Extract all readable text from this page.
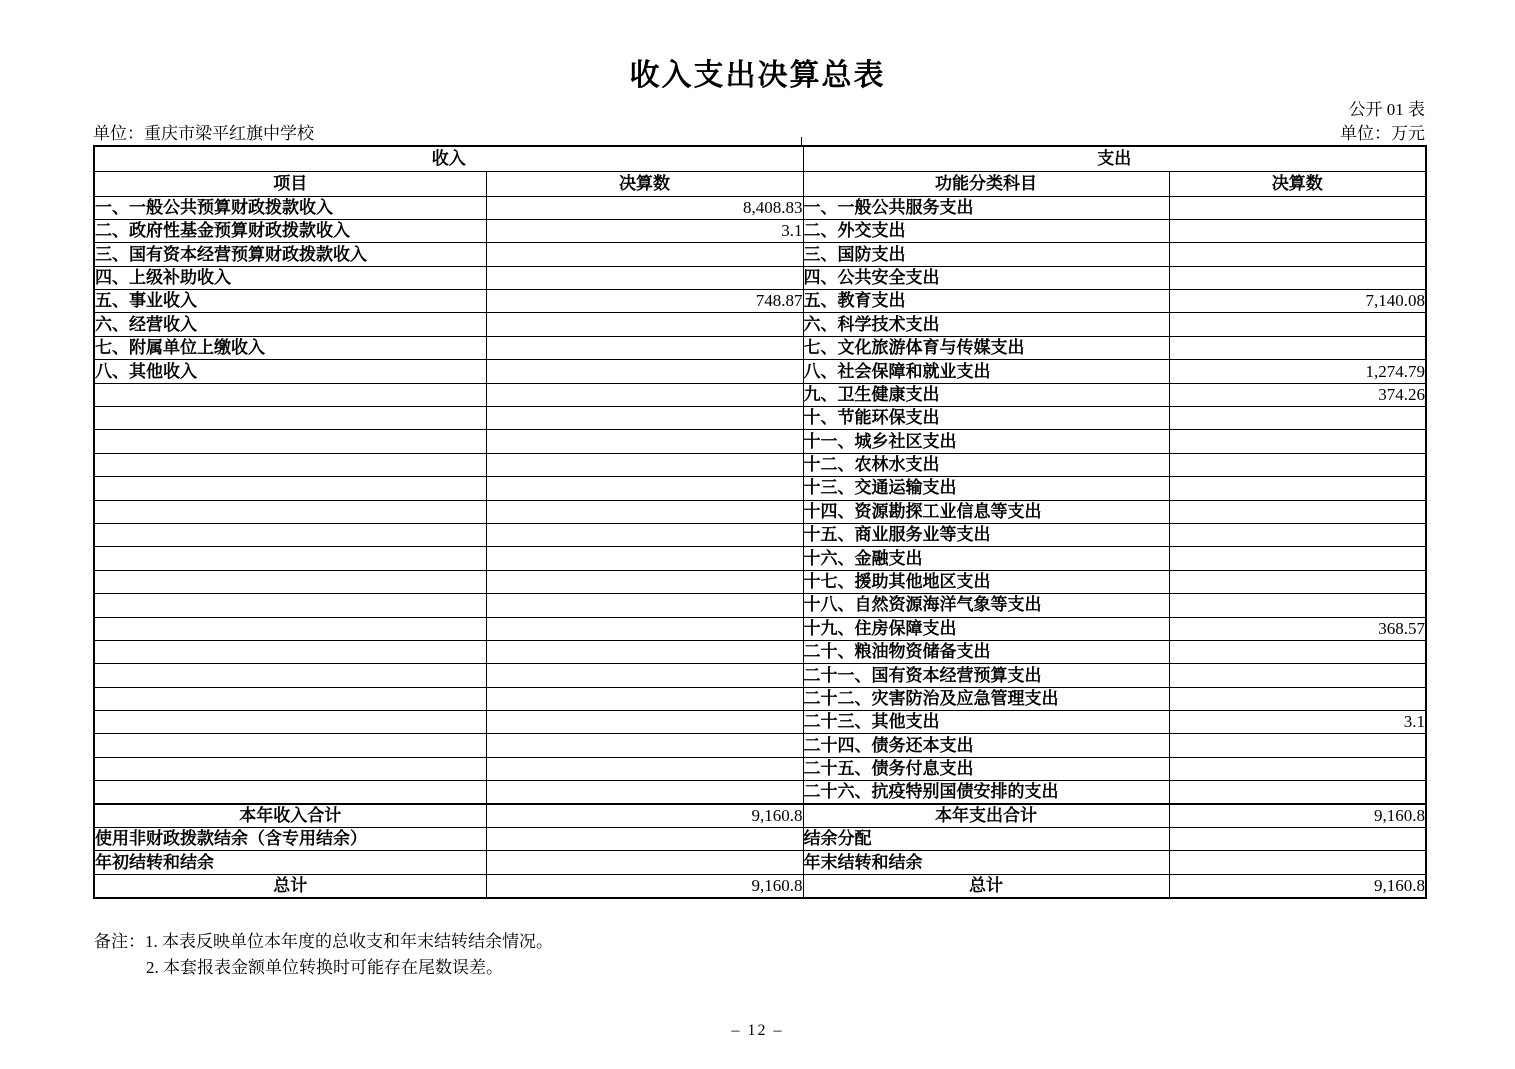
收入支出决算总表
公开 01 表
单位：重庆市梁平红旗中学校	单位：万元
收入		支出	
项目	决算数	功能分类科目	决算数
一、一般公共预算财政拨款收入	8,408.83	一、一般公共服务支出	
二、政府性基金预算财政拨款收入	3.1	二、外交支出	
三、国有资本经营预算财政拨款收入		三、国防支出	
四、上级补助收入		四、公共安全支出	
五、事业收入	748.87	五、教育支出	7,140.08
六、经营收入		六、科学技术支出	
七、附属单位上缴收入		七、文化旅游体育与传媒支出	
八、其他收入		八、社会保障和就业支出	1,274.79
		九、卫生健康支出	374.26
		十、节能环保支出	
		十一、城乡社区支出	
		十二、农林水支出	
		十三、交通运输支出	
		十四、资源勘探工业信息等支出	
		十五、商业服务业等支出	
		十六、金融支出	
		十七、援助其他地区支出	
		十八、自然资源海洋气象等支出	
		十九、住房保障支出	368.57
		二十、粮油物资储备支出	
		二十一、国有资本经营预算支出	
		二十二、灾害防治及应急管理支出	
		二十三、其他支出	3.1
		二十四、债务还本支出	
		二十五、债务付息支出	
		二十六、抗疫特别国债安排的支出	
本年收入合计	9,160.8	本年支出合计	9,160.8
使用非财政拨款结余（含专用结余）		结余分配	
年初结转和结余		年末结转和结余	
总计	9,160.8	总计	9,160.8
备注： 1. 本表反映单位本年度的总收支和年末结转结余情况。
2. 本套报表金额单位转换时可能存在尾数误差。
– 12 –
